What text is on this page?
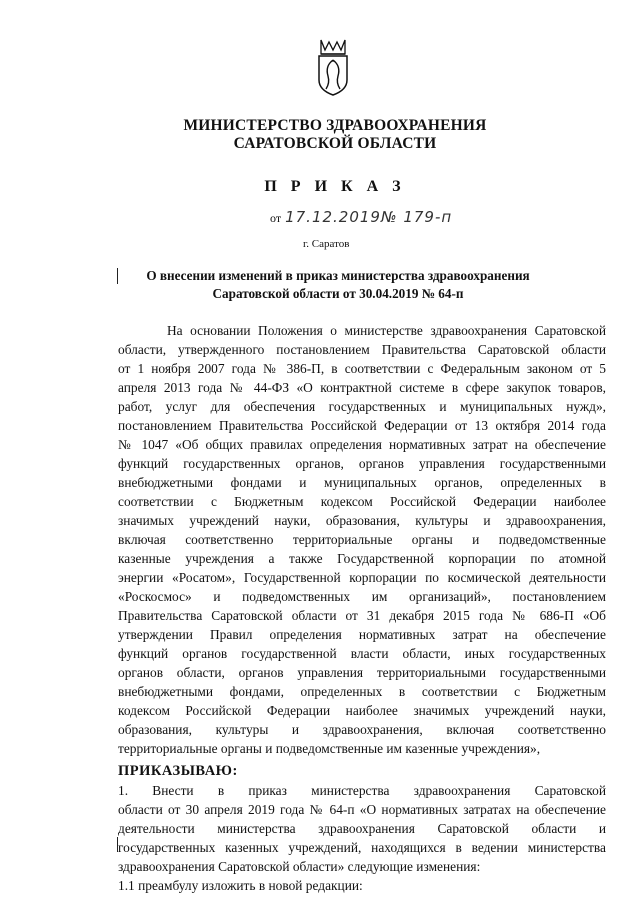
МИНИСТЕРСТВО ЗДРАВООХРАНЕНИЯ
САРАТОВСКОЙ ОБЛАСТИ
П Р И К А З
от 17.12.2019№ 179-п
г. Саратов
О внесении изменений в приказ министерства здравоохранения
Саратовской области от 30.04.2019 № 64-п
На основании Положения о министерстве здравоохранения Саратовской
области, утвержденного постановлением Правительства Саратовской области
от 1 ноября 2007 года № 386-П, в соответствии с Федеральным законом от 5
апреля 2013 года № 44-ФЗ «О контрактной системе в сфере закупок товаров,
работ, услуг для обеспечения государственных и муниципальных нужд»,
постановлением Правительства Российской Федерации от 13 октября 2014 года
№ 1047 «Об общих правилах определения нормативных затрат на обеспечение
функций государственных органов, органов управления государственными
внебюджетными фондами и муниципальных органов, определенных в
соответствии с Бюджетным кодексом Российской Федерации наиболее
значимых учреждений науки, образования, культуры и здравоохранения,
включая соответственно территориальные органы и подведомственные
казенные учреждения а также Государственной корпорации по атомной
энергии «Росатом», Государственной корпорации по космической деятельности
«Роскосмос» и подведомственных им организаций», постановлением
Правительства Саратовской области от 31 декабря 2015 года № 686-П «Об
утверждении Правил определения нормативных затрат на обеспечение
функций органов государственной власти области, иных государственных
органов области, органов управления территориальными государственными
внебюджетными фондами, определенных в соответствии с Бюджетным
кодексом Российской Федерации наиболее значимых учреждений науки,
образования, культуры и здравоохранения, включая соответственно
территориальные органы и подведомственные им казенные учреждения»,
ПРИКАЗЫВАЮ:
1. Внести в приказ министерства здравоохранения Саратовской
области от 30 апреля 2019 года № 64-п «О нормативных затратах на обеспечение
деятельности министерства здравоохранения Саратовской области и
государственных казенных учреждений, находящихся в ведении министерства
здравоохранения Саратовской области» следующие изменения:
1.1 преамбулу изложить в новой редакции:
